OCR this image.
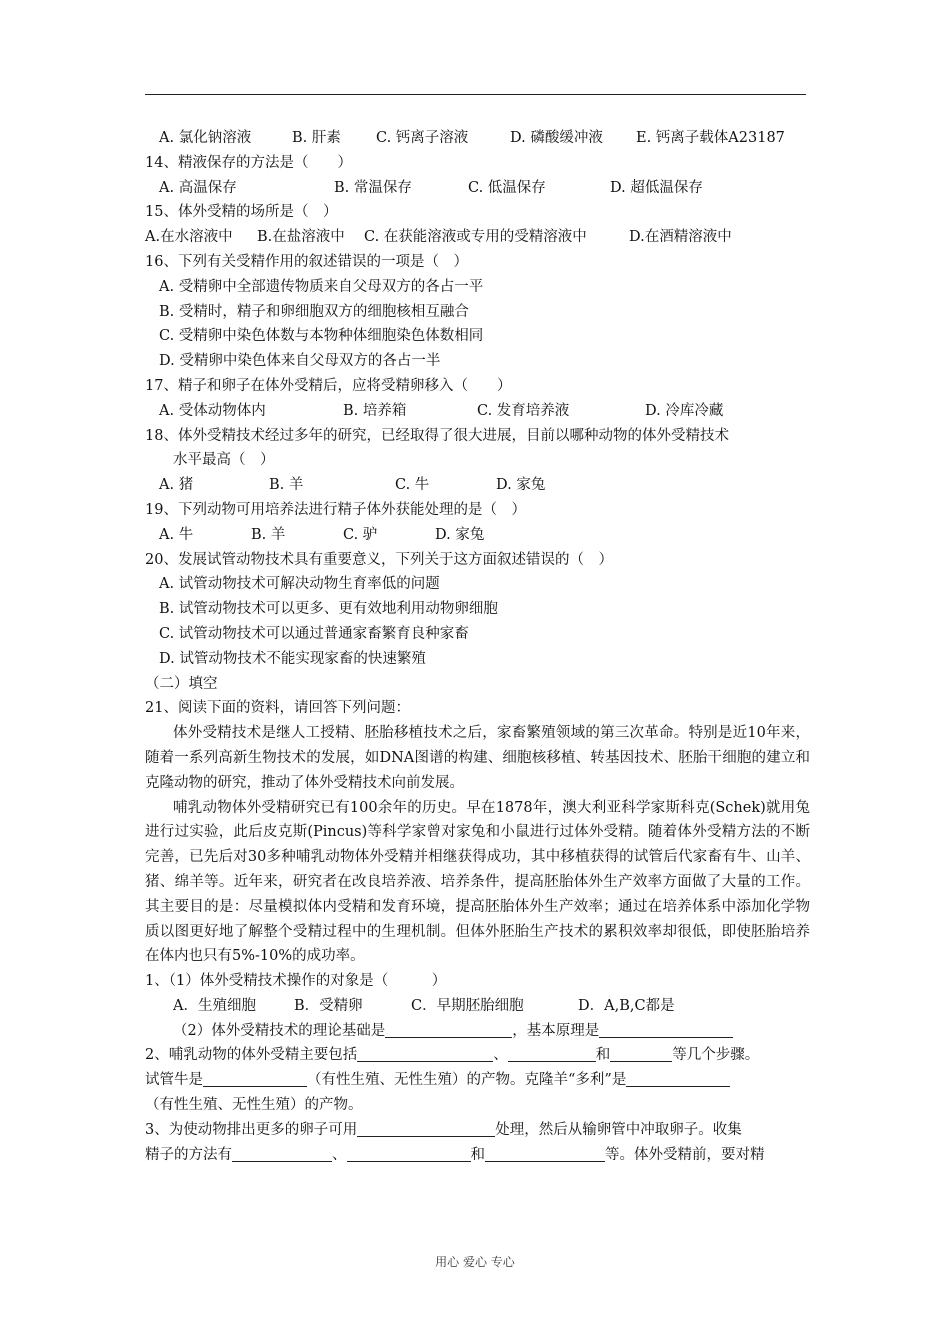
A. 氯化钠溶液	B. 肝素 C. 钙离子溶液	D. 磷酸缓冲液 E. 钙离子载体A23187
14、精液保存的方法是（　　）
A. 高温保存	B. 常温保存	C. 低温保存	D. 超低温保存
15、体外受精的场所是（　）
A.在水溶液中 B.在盐溶液中 C. 在获能溶液或专用的受精溶液中	D.在酒精溶液中
16、下列有关受精作用的叙述错误的一项是（　）
A. 受精卵中全部遗传物质来自父母双方的各占一平
B. 受精时，精子和卵细胞双方的细胞核相互融合
C. 受精卵中染色体数与本物种体细胞染色体数相同
D. 受精卵中染色体来自父母双方的各占一半
17、精子和卵子在体外受精后，应将受精卵移入（　　）
A. 受体动物体内	B. 培养箱	C. 发育培养液	D. 冷库冷藏
18、体外受精技术经过多年的研究，已经取得了很大进展，目前以哪种动物的体外受精技术
水平最高（　）
A. 猪	B. 羊	C. 牛	D. 家兔
19、下列动物可用培养法进行精子体外获能处理的是（　）
A. 牛	B. 羊	C. 驴	D. 家兔
20、发展试管动物技术具有重要意义，下列关于这方面叙述错误的（　）
A. 试管动物技术可解决动物生育率低的问题
B. 试管动物技术可以更多、更有效地利用动物卵细胞
C. 试管动物技术可以通过普通家畜繁育良种家畜
D. 试管动物技术不能实现家畜的快速繁殖
（二）填空
21、阅读下面的资料，请回答下列问题：
体外受精技术是继人工授精、胚胎移植技术之后，家畜繁殖领域的第三次革命。特别是近10年来，随着一系列高新生物技术的发展，如DNA图谱的构建、细胞核移植、转基因技术、胚胎干细胞的建立和克隆动物的研究，推动了体外受精技术向前发展。
哺乳动物体外受精研究已有100余年的历史。早在1878年，澳大利亚科学家斯科克(Schek)就用兔进行过实验，此后皮克斯(Pincus)等科学家曾对家兔和小鼠进行过体外受精。随着体外受精方法的不断完善，已先后对30多种哺乳动物体外受精并相继获得成功，其中移植获得的试管后代家畜有牛、山羊、猪、绵羊等。近年来，研究者在改良培养液、培养条件，提高胚胎体外生产效率方面做了大量的工作。其主要目的是：尽量模拟体内受精和发育环境，提高胚胎体外生产效率；通过在培养体系中添加化学物质以图更好地了解整个受精过程中的生理机制。但体外胚胎生产技术的累积效率却很低，即使胚胎培养在体内也只有5%-10%的成功率。
1、（1）体外受精技术操作的对象是（　　　）
A．生殖细胞	B．受精卵	C．早期胚胎细胞	D．A,B,C都是
（2）体外受精技术的理论基础是	，基本原理是
2、哺乳动物的体外受精主要包括	、	和	等几个步骤。
试管牛是	（有性生殖、无性生殖）的产物。克隆羊“多利”是
（有性生殖、无性生殖）的产物。
3、为使动物排出更多的卵子可用	处理，然后从输卵管中冲取卵子。收集
精子的方法有	、	和	等。体外受精前，要对精
用心 爱心 专心
